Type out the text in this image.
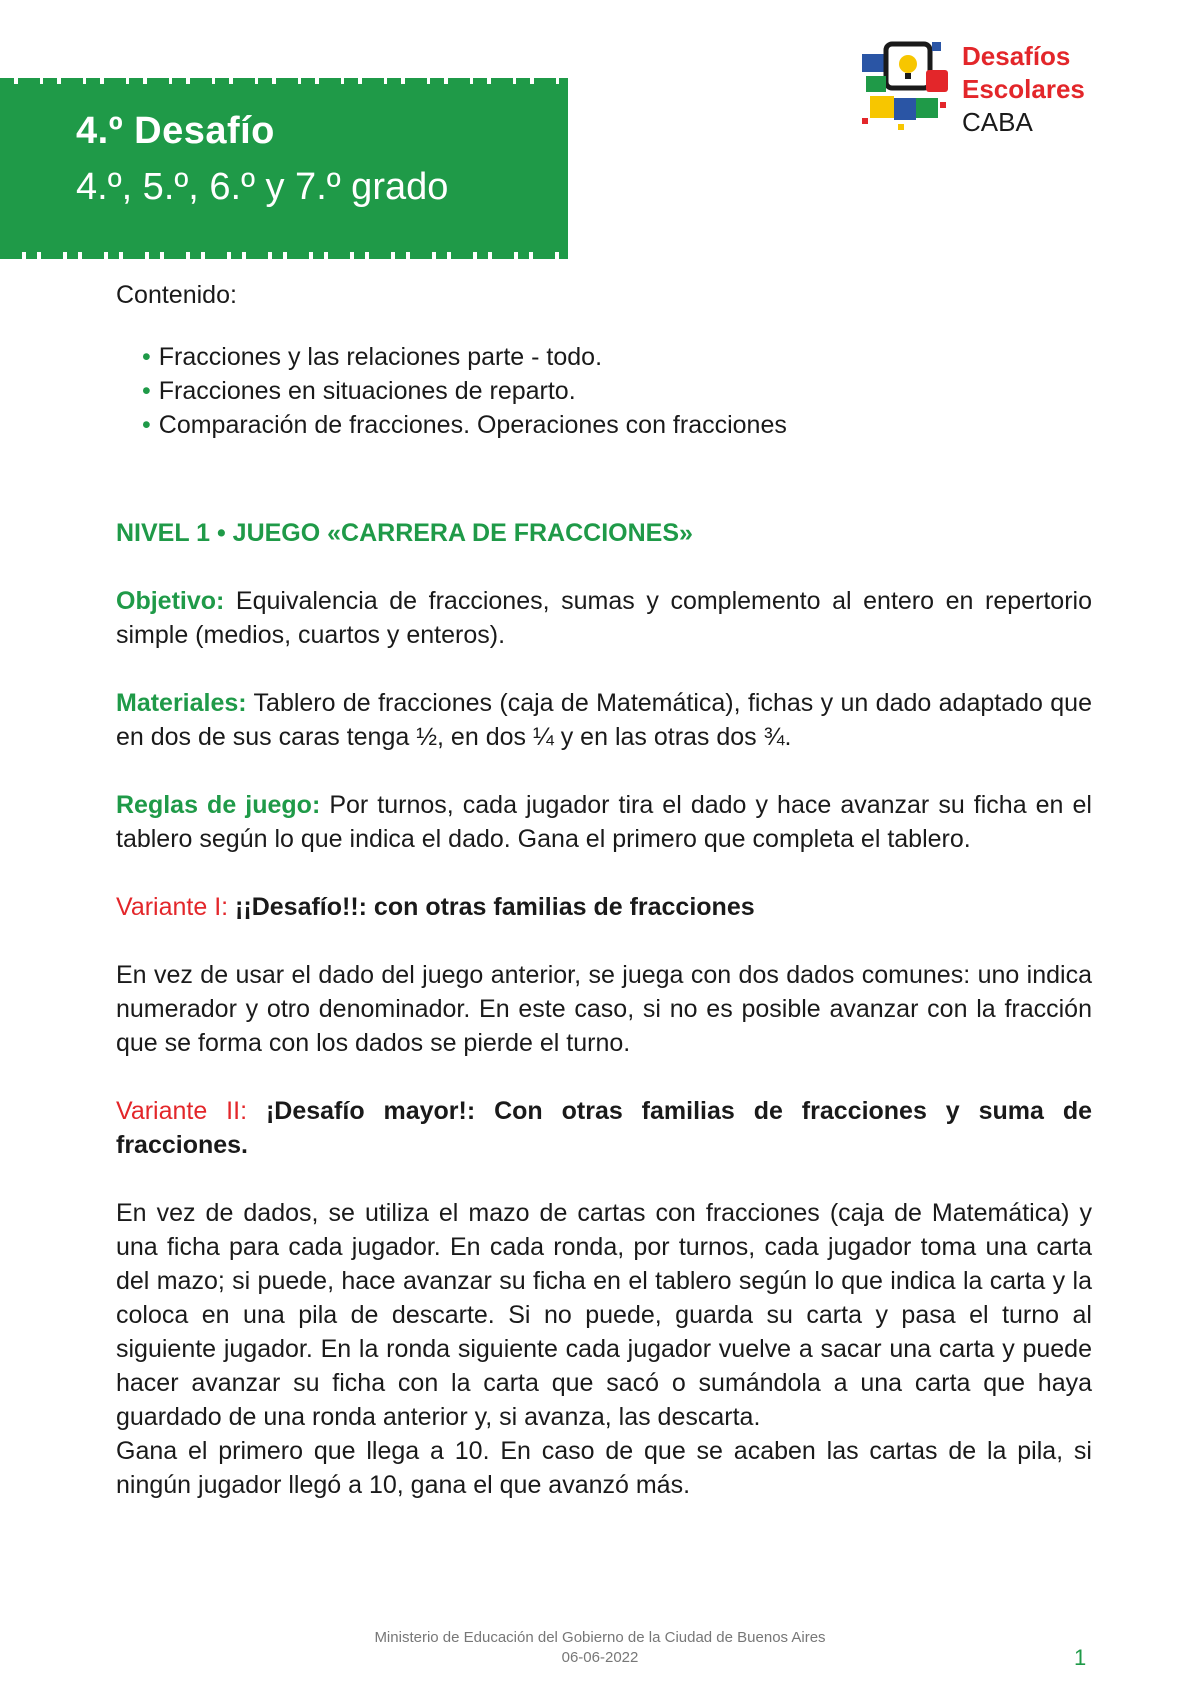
4.º Desafío

4.º, 5.º, 6.º y 7.º grado

Desafíos
Escolares
CABA

Contenido:

• Fracciones y las relaciones parte - todo.
• Fracciones en situaciones de reparto.
• Comparación de fracciones. Operaciones con fracciones

NIVEL 1 • JUEGO «CARRERA DE FRACCIONES»

Objetivo: Equivalencia de fracciones, sumas y complemento al entero en repertorio simple (medios, cuartos y enteros).

Materiales: Tablero de fracciones (caja de Matemática), fichas y un dado adaptado que en dos de sus caras tenga ½, en dos ¼ y en las otras dos ¾.

Reglas de juego: Por turnos, cada jugador tira el dado y hace avanzar su ficha en el tablero según lo que indica el dado. Gana el primero que completa el tablero.

Variante I: ¡¡Desafío!!: con otras familias de fracciones

En vez de usar el dado del juego anterior, se juega con dos dados comunes: uno indica numerador y otro denominador. En este caso, si no es posible avanzar con la fracción que se forma con los dados se pierde el turno.

Variante II: ¡Desafío mayor!: Con otras familias de fracciones y suma de fracciones.

En vez de dados, se utiliza el mazo de cartas con fracciones (caja de Matemática) y una ficha para cada jugador. En cada ronda, por turnos, cada jugador toma una carta del mazo; si puede, hace avanzar su ficha en el tablero según lo que indica la carta y la coloca en una pila de descarte. Si no puede, guarda su carta y pasa el turno al siguiente jugador. En la ronda siguiente cada jugador vuelve a sacar una carta y puede hacer avanzar su ficha con la carta que sacó o sumándola a una carta que haya guardado de una ronda anterior y, si avanza, las descarta.

Gana el primero que llega a 10. En caso de que se acaben las cartas de la pila, si ningún jugador llegó a 10, gana el que avanzó más.

Ministerio de Educación del Gobierno de la Ciudad de Buenos Aires
06-06-2022	1
